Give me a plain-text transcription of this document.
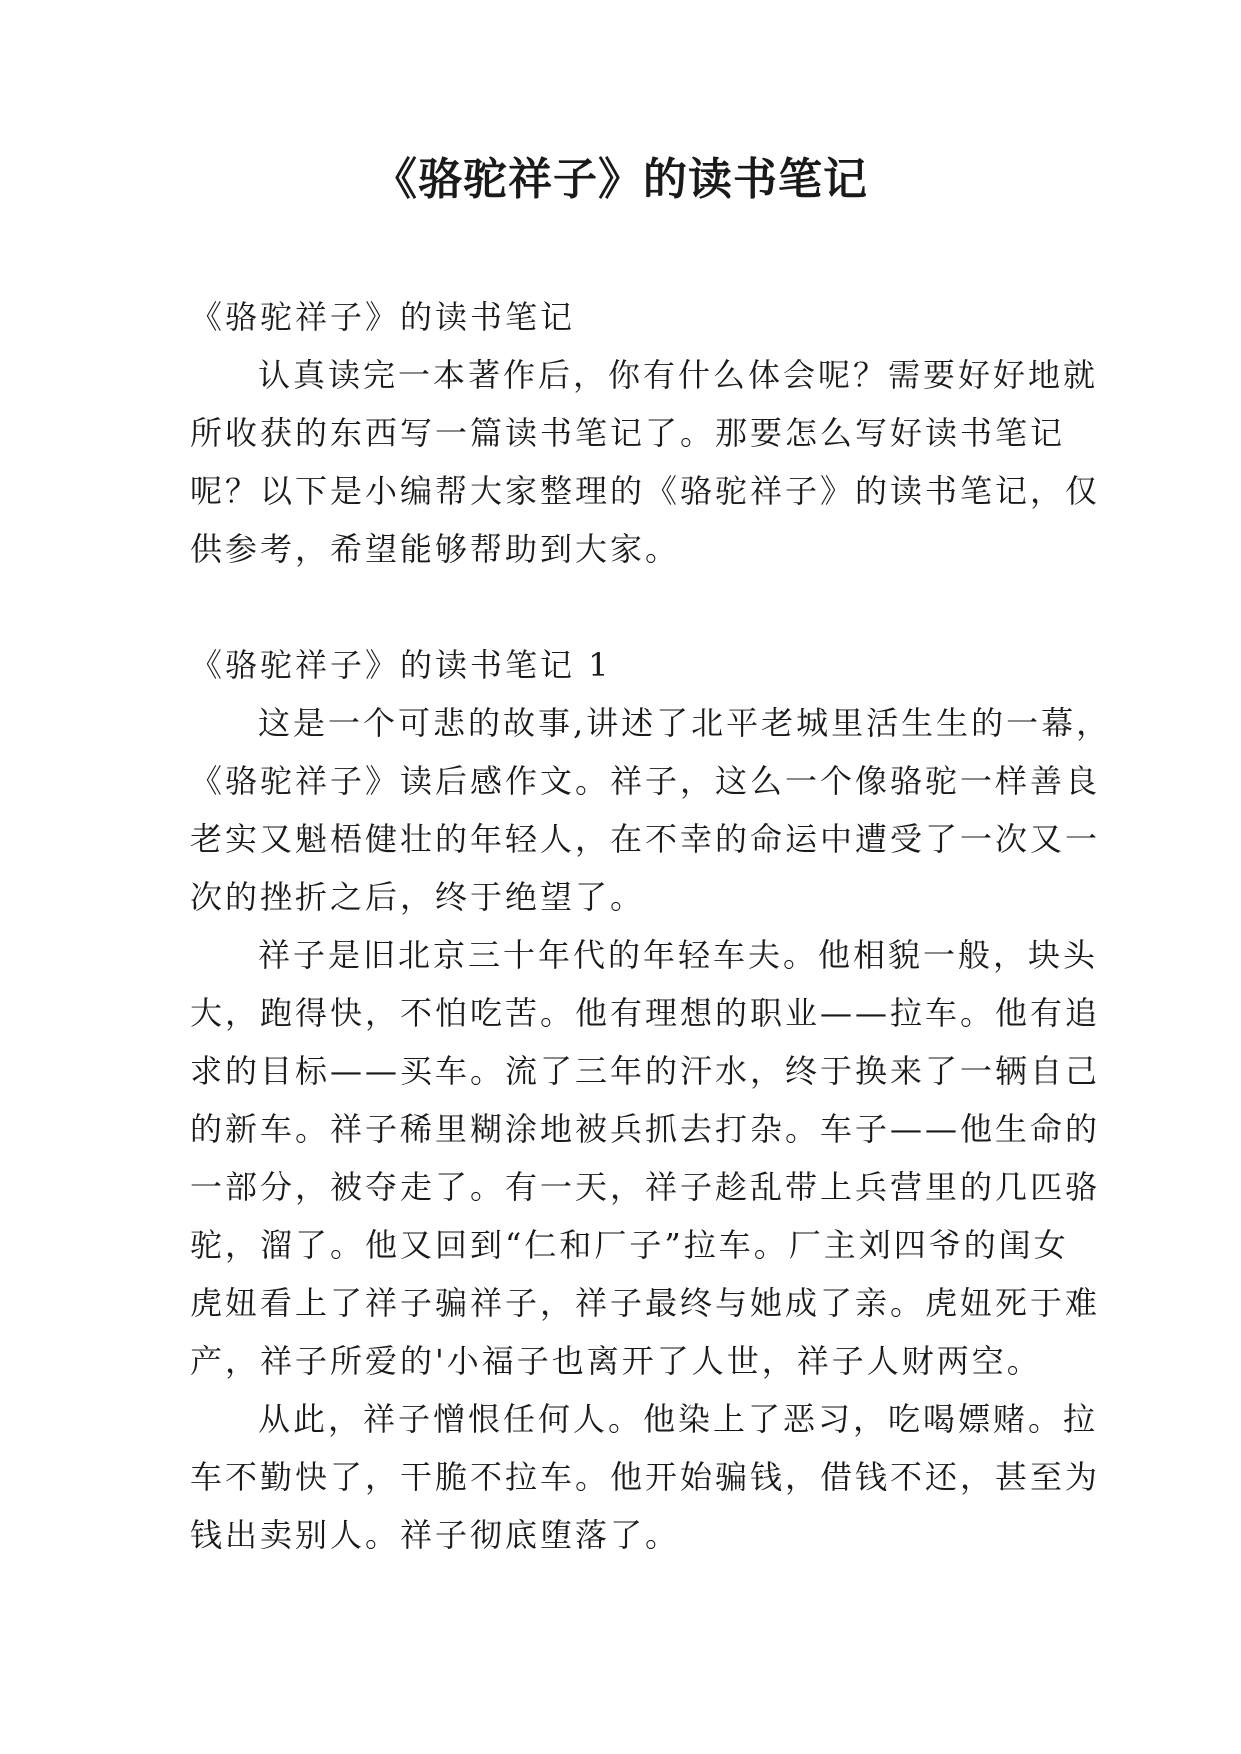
《骆驼祥子》的读书笔记
《骆驼祥子》的读书笔记
认真读完一本著作后，你有什么体会呢？需要好好地就
所收获的东西写一篇读书笔记了。那要怎么写好读书笔记
呢？以下是小编帮大家整理的《骆驼祥子》的读书笔记，仅
供参考，希望能够帮助到大家。
《骆驼祥子》的读书笔记 1
这是一个可悲的故事,讲述了北平老城里活生生的一幕，
《骆驼祥子》读后感作文。祥子，这么一个像骆驼一样善良
老实又魁梧健壮的年轻人，在不幸的命运中遭受了一次又一
次的挫折之后，终于绝望了。
祥子是旧北京三十年代的年轻车夫。他相貌一般，块头
大，跑得快，不怕吃苦。他有理想的职业——拉车。他有追
求的目标——买车。流了三年的汗水，终于换来了一辆自己
的新车。祥子稀里糊涂地被兵抓去打杂。车子——他生命的
一部分，被夺走了。有一天，祥子趁乱带上兵营里的几匹骆
驼，溜了。他又回到“仁和厂子”拉车。厂主刘四爷的闺女
虎妞看上了祥子骗祥子，祥子最终与她成了亲。虎妞死于难
产，祥子所爱的'小福子也离开了人世，祥子人财两空。
从此，祥子憎恨任何人。他染上了恶习，吃喝嫖赌。拉
车不勤快了，干脆不拉车。他开始骗钱，借钱不还，甚至为
钱出卖别人。祥子彻底堕落了。
